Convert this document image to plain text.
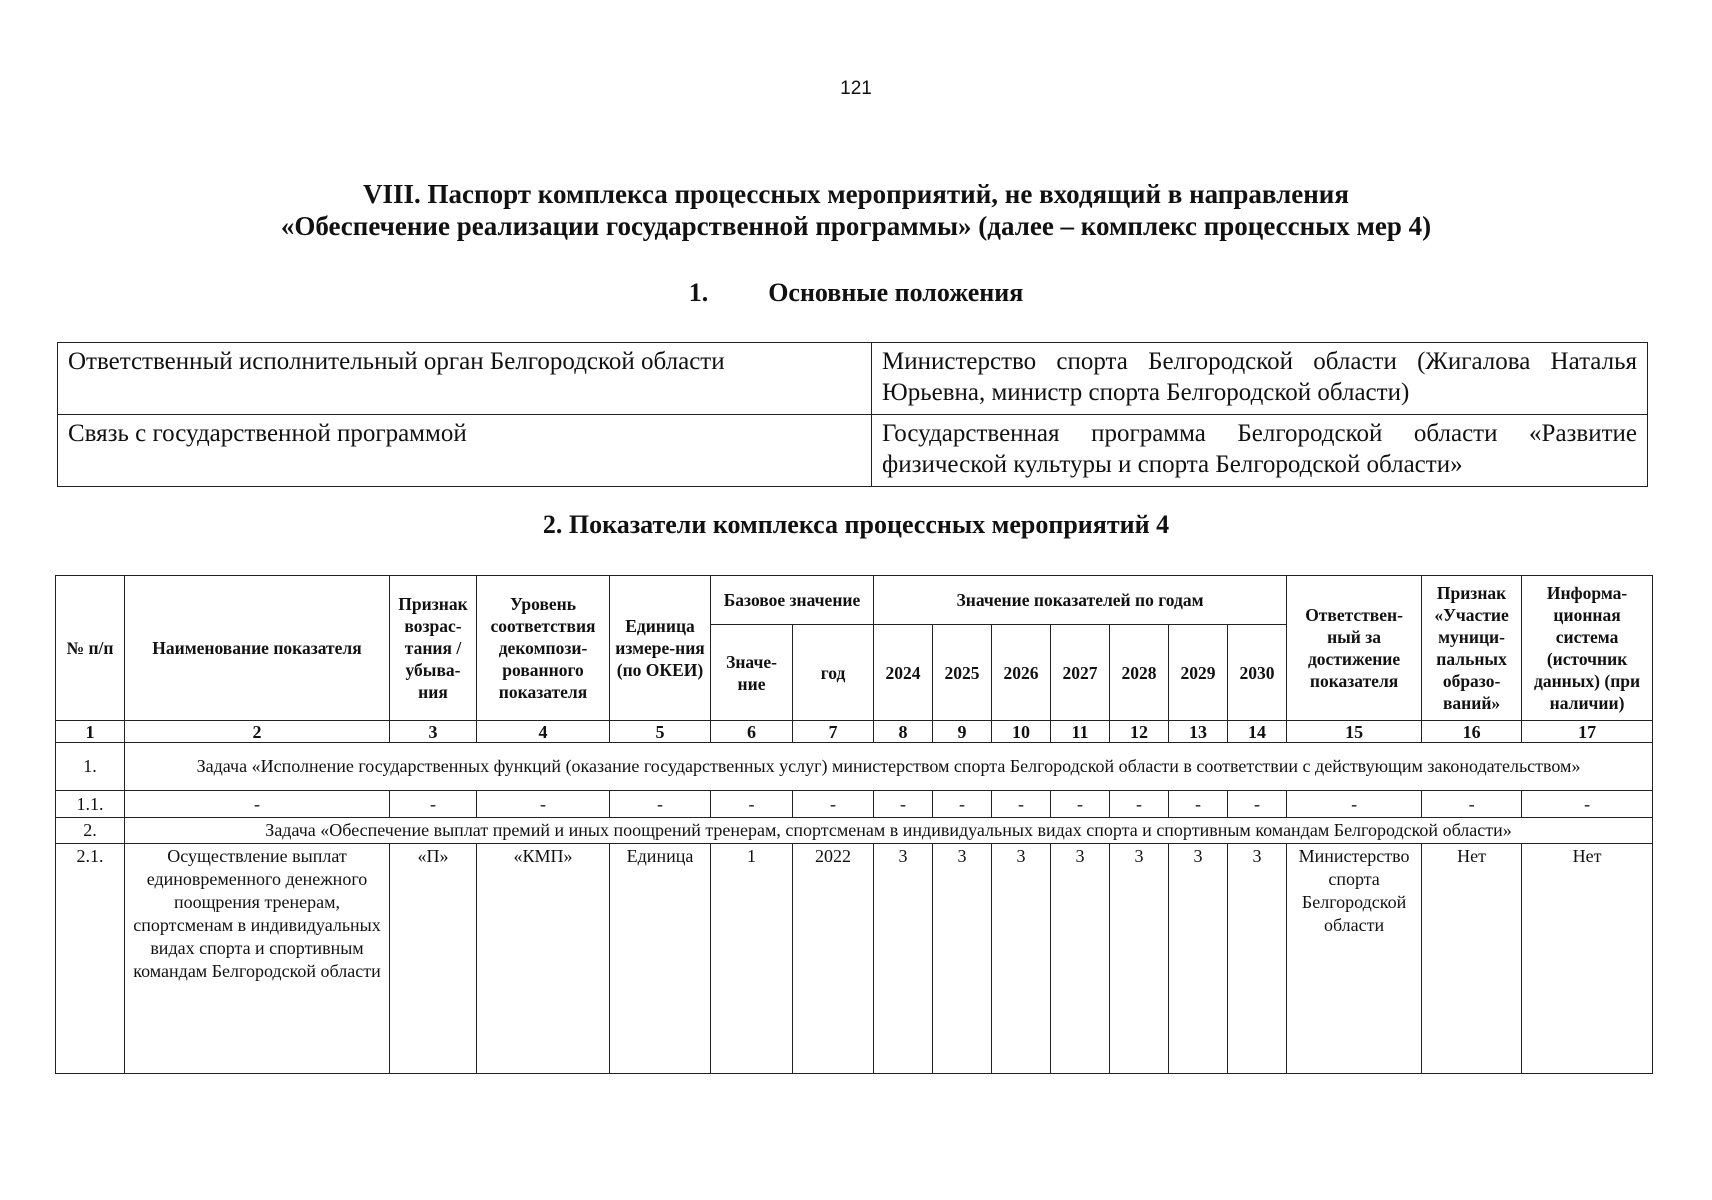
121
VIII. Паспорт комплекса процессных мероприятий, не входящий в направления
«Обеспечение реализации государственной программы» (далее – комплекс процессных мер 4)
1. Основные положения
Ответственный исполнительный орган Белгородской области	Министерство спорта Белгородской области (Жигалова Наталья Юрьевна, министр спорта Белгородской области)
Связь с государственной программой	Государственная программа Белгородской области «Развитие физической культуры и спорта Белгородской области»
2. Показатели комплекса процессных мероприятий 4
№ п/п	Наименование показателя	Признак возрас-тания / убыва-ния	Уровень соответствия декомпози-рованного показателя	Единица измере-ния (по ОКЕИ)	Базовое значение		Значение показателей по годам							Ответствен-ный за достижение показателя	Признак «Участие муници-пальных образо-ваний»	Информа-ционная система (источник данных) (при наличии)
					Значе-ние	год	2024	2025	2026	2027	2028	2029	2030			
1	2	3	4	5	6	7	8	9	10	11	12	13	14	15	16	17
1.	Задача «Исполнение государственных функций (оказание государственных услуг) министерством спорта Белгородской области в соответствии с действующим законодательством»															
1.1.	-	-	-	-	-	-	-	-	-	-	-	-	-	-	-	-
2.	Задача «Обеспечение выплат премий и иных поощрений тренерам, спортсменам в индивидуальных видах спорта и спортивным командам Белгородской области»															
2.1.	Осуществление выплат единовременного денежного поощрения тренерам, спортсменам в индивидуальных видах спорта и спортивным командам Белгородской области	«П»	«КМП»	Единица	1	2022	3	3	3	3	3	3	3	Министерство спорта Белгородской области	Нет	Нет
